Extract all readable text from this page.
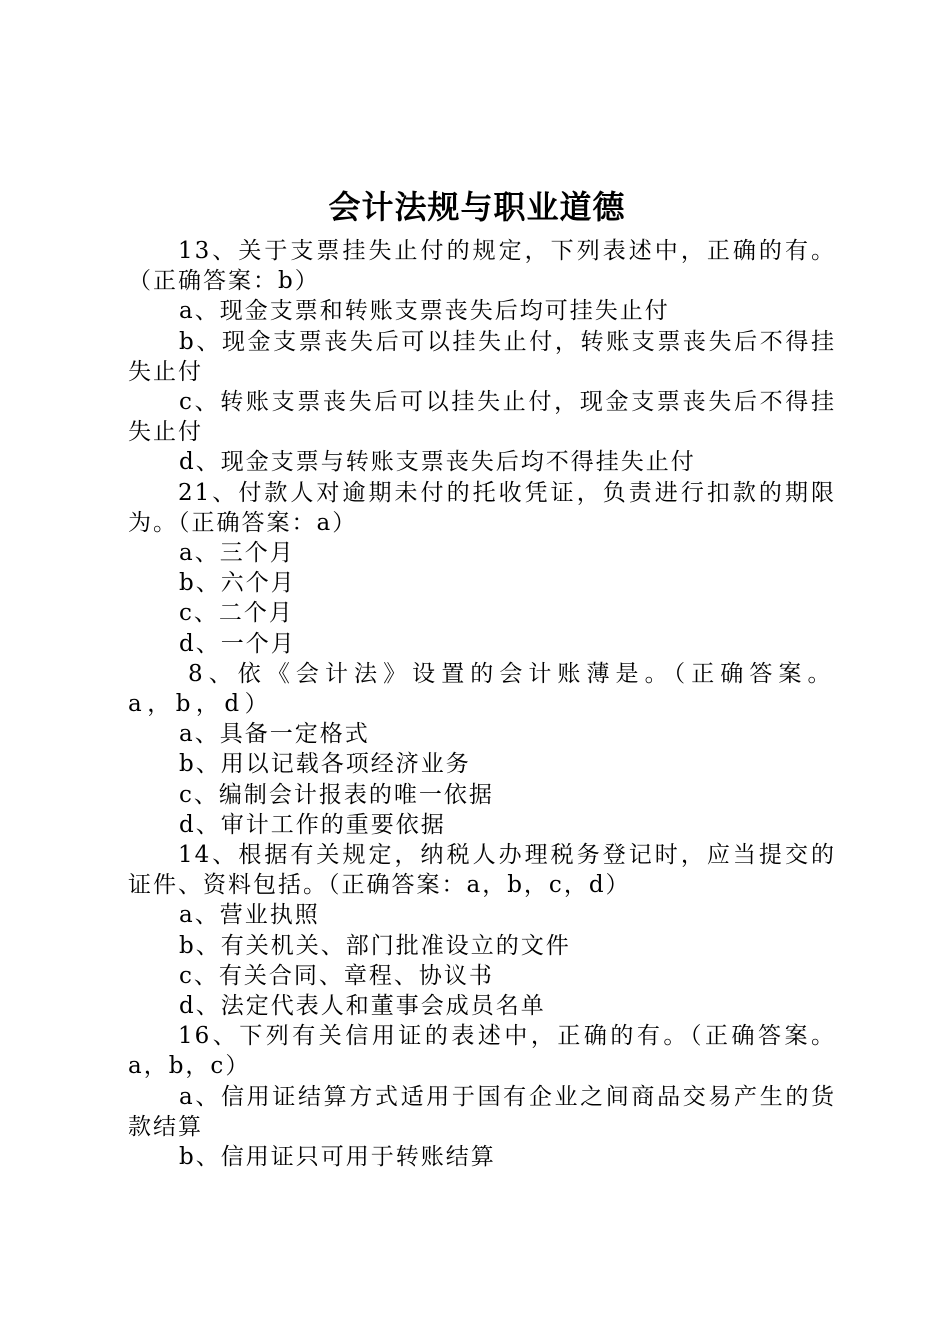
会计法规与职业道德

13、关于支票挂失止付的规定，下列表述中，正确的有。（正确答案：b）

a、现金支票和转账支票丧失后均可挂失止付

b、现金支票丧失后可以挂失止付，转账支票丧失后不得挂失止付

c、转账支票丧失后可以挂失止付，现金支票丧失后不得挂失止付

d、现金支票与转账支票丧失后均不得挂失止付

21、付款人对逾期未付的托收凭证，负责进行扣款的期限为。（正确答案：a）

a、三个月

b、六个月

c、二个月

d、一个月

8、依《会计法》设置的会计账薄是。（正确答案。a，b，d）

a、具备一定格式

b、用以记载各项经济业务

c、编制会计报表的唯一依据

d、审计工作的重要依据

14、根据有关规定，纳税人办理税务登记时，应当提交的证件、资料包括。（正确答案：a，b，c，d）

a、营业执照

b、有关机关、部门批准设立的文件

c、有关合同、章程、协议书

d、法定代表人和董事会成员名单

16、下列有关信用证的表述中，正确的有。（正确答案。a，b，c）

a、信用证结算方式适用于国有企业之间商品交易产生的货款结算

b、信用证只可用于转账结算
